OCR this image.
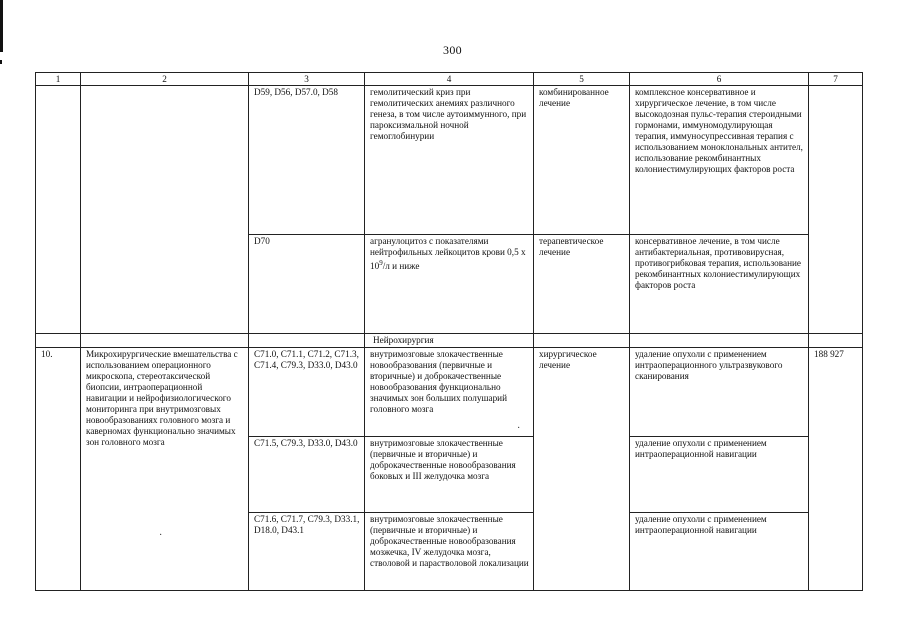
300
1	2	3	4	5	6	7
		D59, D56, D57.0, D58	гемолитический криз при гемолитических анемиях различного генеза, в том числе аутоиммунного, при пароксизмальной ночной гемоглобинурии	комбинированное лечение	комплексное консервативное и хирургическое лечение, в том числе высокодозная пульс-терапия стероидными гормонами, иммуномодулирующая терапия, иммуносупрессивная терапия с использованием моноклональных антител, использование рекомбинантных колониестимулирующих факторов роста	
		D70	агранулоцитоз с показателями нейтрофильных лейкоцитов крови 0,5 х $10^9/л$ и ниже	терапевтическое лечение	консервативное лечение, в том числе антибактериальная, противовирусная, противогрибковая терапия, использование рекомбинантных колониестимулирующих факторов роста	
			Нейрохирургия			
10.	Микрохирургические вмешательства с использованием операционного микроскопа, стереотаксической биопсии, интраоперационной навигации и нейрофизиологического мониторинга при внутримозговых новообразованиях головного мозга и каверномах функционально значимых зон головного мозга	C71.0, C71.1, C71.2, C71.3, C71.4, C79.3, D33.0, D43.0	внутримозговые злокачественные новообразования (первичные и вторичные) и доброкачественные новообразования функционально значимых зон больших полушарий головного мозга	хирургическое лечение	удаление опухоли с применением интраоперационного ультразвукового сканирования	188 927
		C71.5, C79.3, D33.0, D43.0	внутримозговые злокачественные (первичные и вторичные) и доброкачественные новообразования боковых и III желудочка мозга		удаление опухоли с применением интраоперационной навигации	
		C71.6, C71.7, C79.3, D33.1, D18.0, D43.1	внутримозговые злокачественные (первичные и вторичные) и доброкачественные новообразования мозжечка, IV желудочка мозга, стволовой и парастволовой локализации		удаление опухоли с применением интраоперационной навигации	
·
·
